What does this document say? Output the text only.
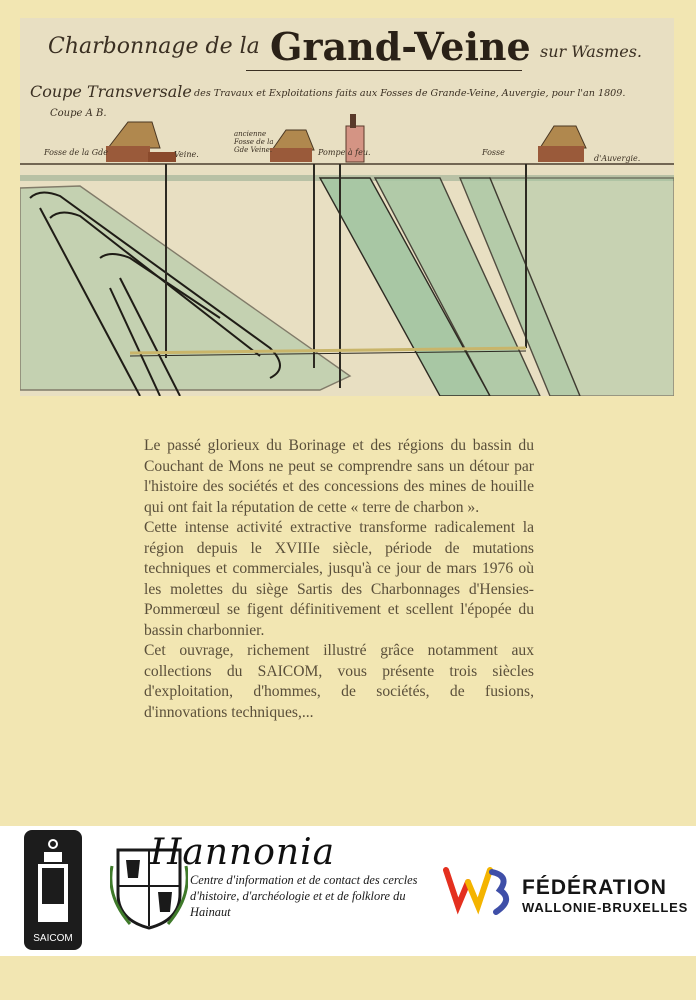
Charbonnage de la Grand-Veine sur Wasmes.
Coupe Transversale des Travaux et Exploitations faits aux Fosses de Grande-Veine, Auvergie, pour l'an 1809.
Coupe A B.
Fosse de la Gde	Veine.
ancienne Fosse de la Gde Veine.	Pompe à feu.	Fosse
d'Auvergie.

Le passé glorieux du Borinage et des régions du bassin du Couchant de Mons ne peut se comprendre sans un détour par l'histoire des sociétés et des concessions des mines de houille qui ont fait la réputation de cette « terre de charbon ».

Cette intense activité extractive transforme radicalement la région depuis le XVIIIe siècle, période de mutations techniques et commerciales, jusqu'à ce jour de mars 1976 où les molettes du siège Sartis des Charbonnages d'Hensies-Pommerœul se figent définitivement et scellent l'épopée du bassin charbonnier.

Cet ouvrage, richement illustré grâce notamment aux collections du SAICOM, vous présente trois siècles d'exploitation, d'hommes, de sociétés, de fusions, d'innovations techniques,...

SAICOM
Hannonia
Centre d'information et de contact des cercles d'histoire, d'archéologie et et de folklore du Hainaut
FÉDÉRATION
WALLONIE-BRUXELLES
